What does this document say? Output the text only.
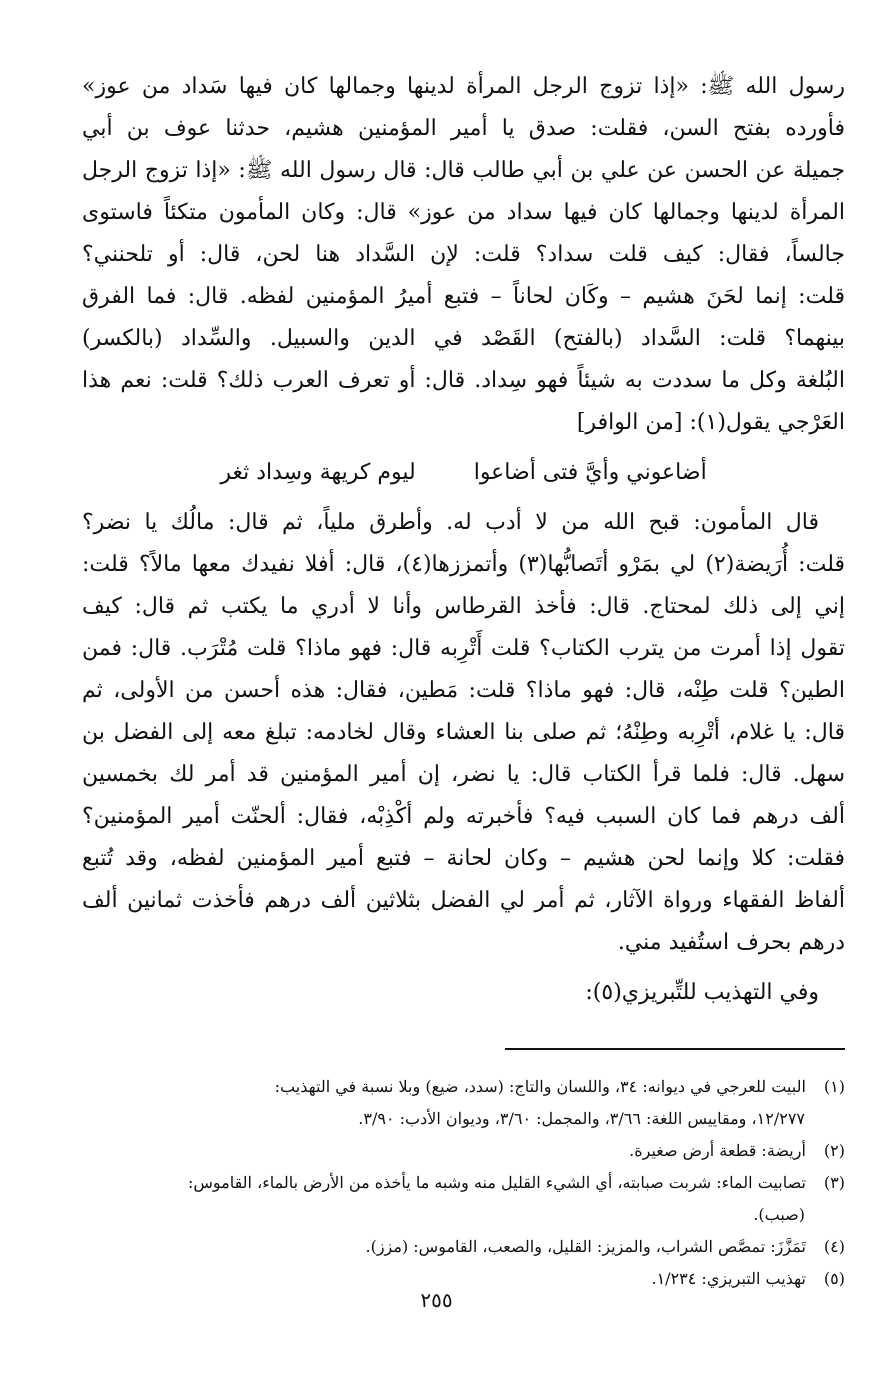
رسول الله ﷺ: «إذا تزوج الرجل المرأة لدينها وجمالها كان فيها سَداد من عوز»
فأورده بفتح السن، فقلت: صدق يا أمير المؤمنين هشيم، حدثنا عوف بن أبي
جميلة عن الحسن عن علي بن أبي طالب قال: قال رسول الله ﷺ: «إذا تزوج الرجل
المرأة لدينها وجمالها كان فيها سداد من عوز» قال: وكان المأمون متكئاً فاستوى
جالساً، فقال: كيف قلت سداد؟ قلت: لإن السَّداد هنا لحن، قال: أو تلحنني؟
قلت: إنما لحَنَ هشيم – وكَان لحاناً – فتبع أميرُ المؤمنين لفظه. قال: فما الفرق
بينهما؟ قلت: السَّداد (بالفتح) القَصْد في الدين والسبيل. والسِّداد (بالكسر)
البُلغة وكل ما سددت به شيئاً فهو سِداد. قال: أو تعرف العرب ذلك؟ قلت: نعم هذا
العَرْجي يقول(١): [من الوافر]
أضاعوني وأيَّ فتى أضاعوا
ليوم كريهة وسِداد ثغر
قال المأمون: قبح الله من لا أدب له. وأطرق ملياً، ثم قال: مالُك يا نضر؟
قلت: أُرَيضة(٢) لي بمَرْو أتَصابُّها(٣) وأتمززها(٤)، قال: أفلا نفيدك معها مالاً؟ قلت:
إني إلى ذلك لمحتاج. قال: فأخذ القرطاس وأنا لا أدري ما يكتب ثم قال: كيف
تقول إذا أمرت من يترب الكتاب؟ قلت أَتْرِبه قال: فهو ماذا؟ قلت مُتْرَب. قال: فمن
الطين؟ قلت طِنْه، قال: فهو ماذا؟ قلت: مَطين، فقال: هذه أحسن من الأولى، ثم
قال: يا غلام، أتْرِبه وطِنْهُ؛ ثم صلى بنا العشاء وقال لخادمه: تبلغ معه إلى الفضل بن
سهل. قال: فلما قرأ الكتاب قال: يا نضر، إن أمير المؤمنين قد أمر لك بخمسين
ألف درهم فما كان السبب فيه؟ فأخبرته ولم أكْذِبْه، فقال: ألحنّت أمير المؤمنين؟
فقلت: كلا وإنما لحن هشيم – وكان لحانة – فتبع أمير المؤمنين لفظه، وقد تُتبع
ألفاظ الفقهاء ورواة الآثار، ثم أمر لي الفضل بثلاثين ألف درهم فأخذت ثمانين ألف
درهم بحرف استُفيد مني.
وفي التهذيب للتِّبريزي(٥):
(١) البيت للعرجي في ديوانه: ٣٤، واللسان والتاج: (سدد، ضيع) وبلا نسبة في التهذيب:
١٢/٢٧٧، ومقاييس اللغة: ٣/٦٦، والمجمل: ٣/٦٠، وديوان الأدب: ٣/٩٠.
(٢) أريضة: قطعة أرض صغيرة.
(٣) تصابيت الماء: شربت صبابته، أي الشيء القليل منه وشبه ما يأخذه من الأرض بالماء، القاموس:
(صبب).
(٤) تَمَزَّزَ: تمصَّص الشراب، والمزيز: القليل، والصعب، القاموس: (مزز).
(٥) تهذيب التبريزي: ١/٢٣٤.
٢٥٥
